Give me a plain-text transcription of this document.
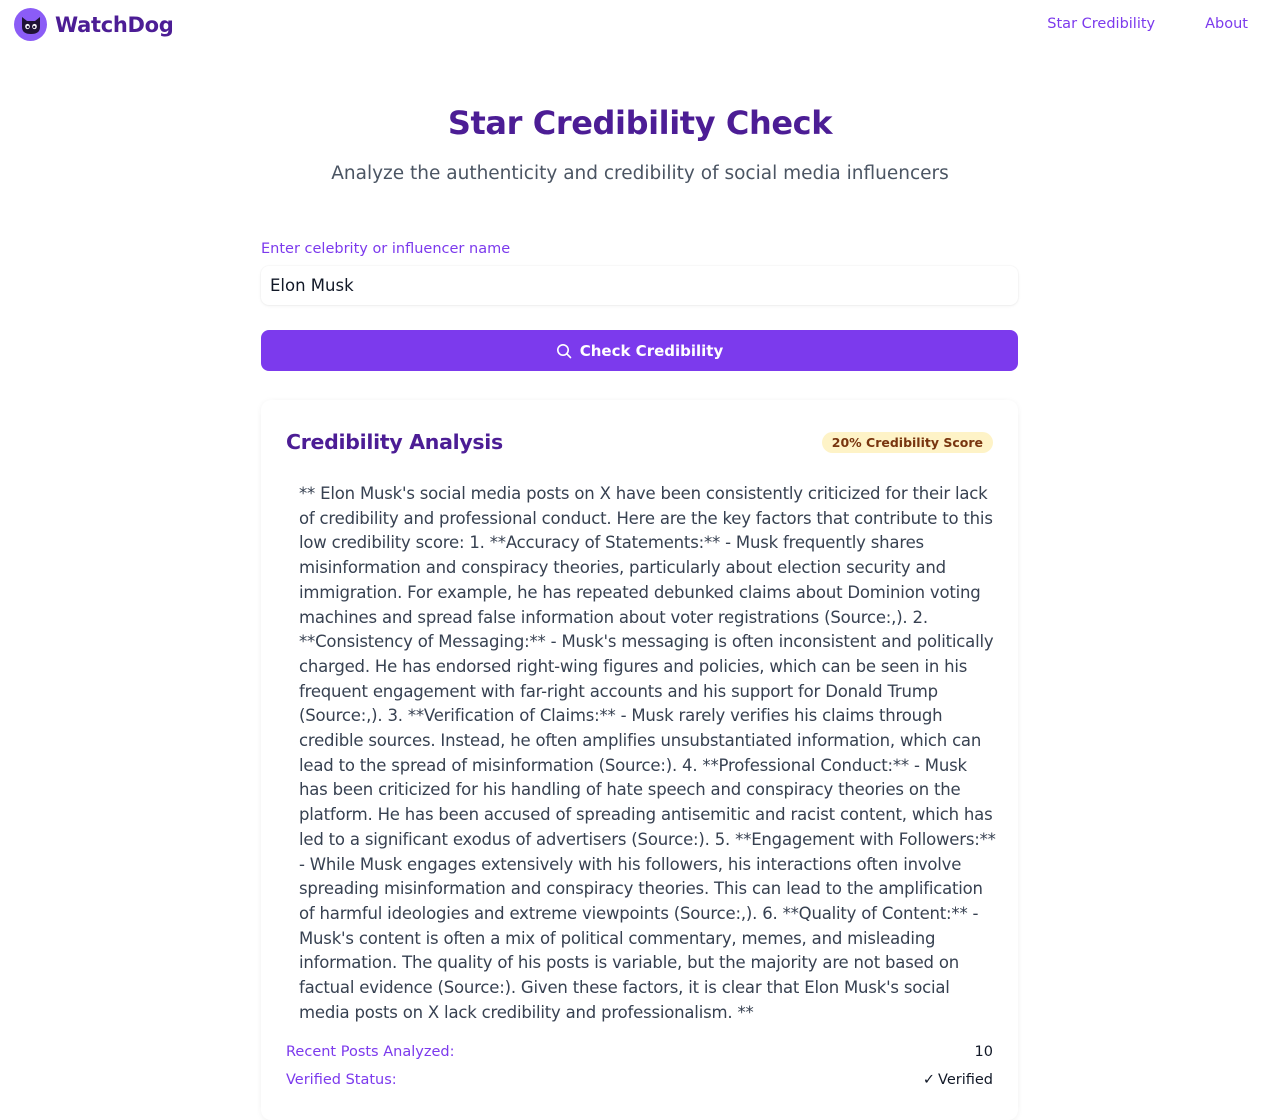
WatchDog	Star Credibility	About
Star Credibility Check

Analyze the authenticity and credibility of social media influencers

Enter celebrity or influencer name
Elon Musk
Check Credibility
Credibility Analysis	20% Credibility Score

** Elon Musk's social media posts on X have been consistently criticized for their lack of credibility and professional conduct. Here are the key factors that contribute to this low credibility score: 1. **Accuracy of Statements:** - Musk frequently shares misinformation and conspiracy theories, particularly about election security and immigration. For example, he has repeated debunked claims about Dominion voting machines and spread false information about voter registrations (Source:,). 2. **Consistency of Messaging:** - Musk's messaging is often inconsistent and politically charged. He has endorsed right-wing figures and policies, which can be seen in his frequent engagement with far-right accounts and his support for Donald Trump (Source:,). 3. **Verification of Claims:** - Musk rarely verifies his claims through credible sources. Instead, he often amplifies unsubstantiated information, which can lead to the spread of misinformation (Source:). 4. **Professional Conduct:** - Musk has been criticized for his handling of hate speech and conspiracy theories on the platform. He has been accused of spreading antisemitic and racist content, which has led to a significant exodus of advertisers (Source:). 5. **Engagement with Followers:** - While Musk engages extensively with his followers, his interactions often involve spreading misinformation and conspiracy theories. This can lead to the amplification of harmful ideologies and extreme viewpoints (Source:,). 6. **Quality of Content:** - Musk's content is often a mix of political commentary, memes, and misleading information. The quality of his posts is variable, but the majority are not based on factual evidence (Source:). Given these factors, it is clear that Elon Musk's social media posts on X lack credibility and professionalism. **

Recent Posts Analyzed:	10
Verified Status:	✓ Verified
